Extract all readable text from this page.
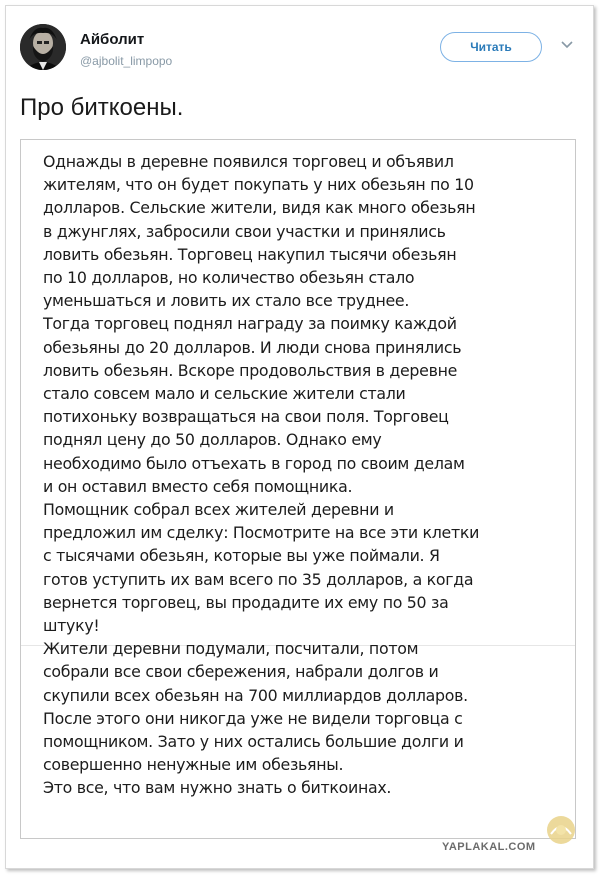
Айболит
@ajbolit_limpopo
Читать
Про биткоены.
Однажды в деревне появился торговец и объявил
жителям, что он будет покупать у них обезьян по 10
долларов. Сельские жители, видя как много обезьян
в джунглях, забросили свои участки и принялись
ловить обезьян. Торговец накупил тысячи обезьян
по 10 долларов, но количество обезьян стало
уменьшаться и ловить их стало все труднее.
Тогда торговец поднял награду за поимку каждой
обезьяны до 20 долларов. И люди снова принялись
ловить обезьян. Вскоре продовольствия в деревне
стало совсем мало и сельские жители стали
потихоньку возвращаться на свои поля. Торговец
поднял цену до 50 долларов. Однако ему
необходимо было отъехать в город по своим делам
и он оставил вместо себя помощника.
Помощник собрал всех жителей деревни и
предложил им сделку: Посмотрите на все эти клетки
с тысячами обезьян, которые вы уже поймали. Я
готов уступить их вам всего по 35 долларов, а когда
вернется торговец, вы продадите их ему по 50 за
штуку!
Жители деревни подумали, посчитали, потом
собрали все свои сбережения, набрали долгов и
скупили всех обезьян на 700 миллиардов долларов.
После этого они никогда уже не видели торговца с
помощником. Зато у них остались большие долги и
совершенно ненужные им обезьяны.
Это все, что вам нужно знать о биткоинах.
YAPLAKAL.COM
